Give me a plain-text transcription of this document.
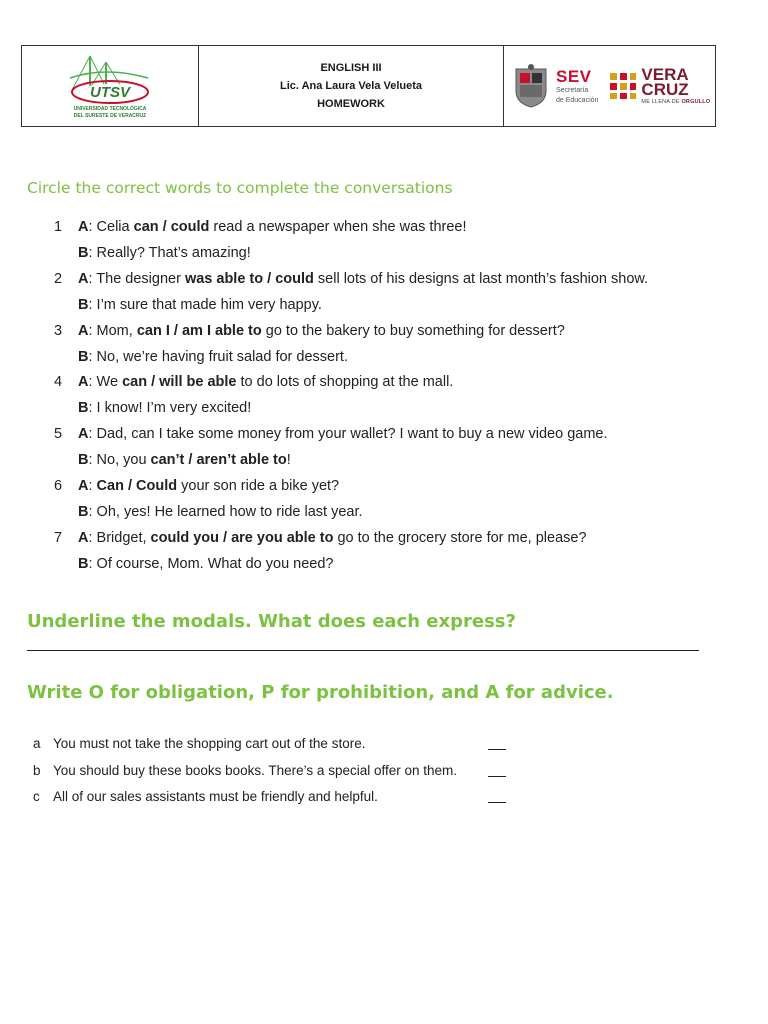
UTSV
UNIVERSIDAD TECNOLÓGICA
DEL SURESTE DE VERACRUZ
ENGLISH III
Lic. Ana Laura Vela Velueta
HOMEWORK
SEV
Secretaría
de Educación
VERA
CRUZ
ME LLENA DE ORGULLO
Circle the correct words to complete the conversations
1 A: Celia can / could read a newspaper when she was three!
B: Really? That’s amazing!
2 A: The designer was able to / could sell lots of his designs at last month’s fashion show.
B: I’m sure that made him very happy.
3 A: Mom, can I / am I able to go to the bakery to buy something for dessert?
B: No, we’re having fruit salad for dessert.
4 A: We can / will be able to do lots of shopping at the mall.
B: I know! I’m very excited!
5 A: Dad, can I take some money from your wallet? I want to buy a new video game.
B: No, you can’t / aren’t able to!
6 A: Can / Could your son ride a bike yet?
B: Oh, yes! He learned how to ride last year.
7 A: Bridget, could you / are you able to go to the grocery store for me, please?
B: Of course, Mom. What do you need?
Underline the modals. What does each express?
Write O for obligation, P for prohibition, and A for advice.
a You must not take the shopping cart out of the store.
b You should buy these books books. There’s a special offer on them.
c All of our sales assistants must be friendly and helpful.
